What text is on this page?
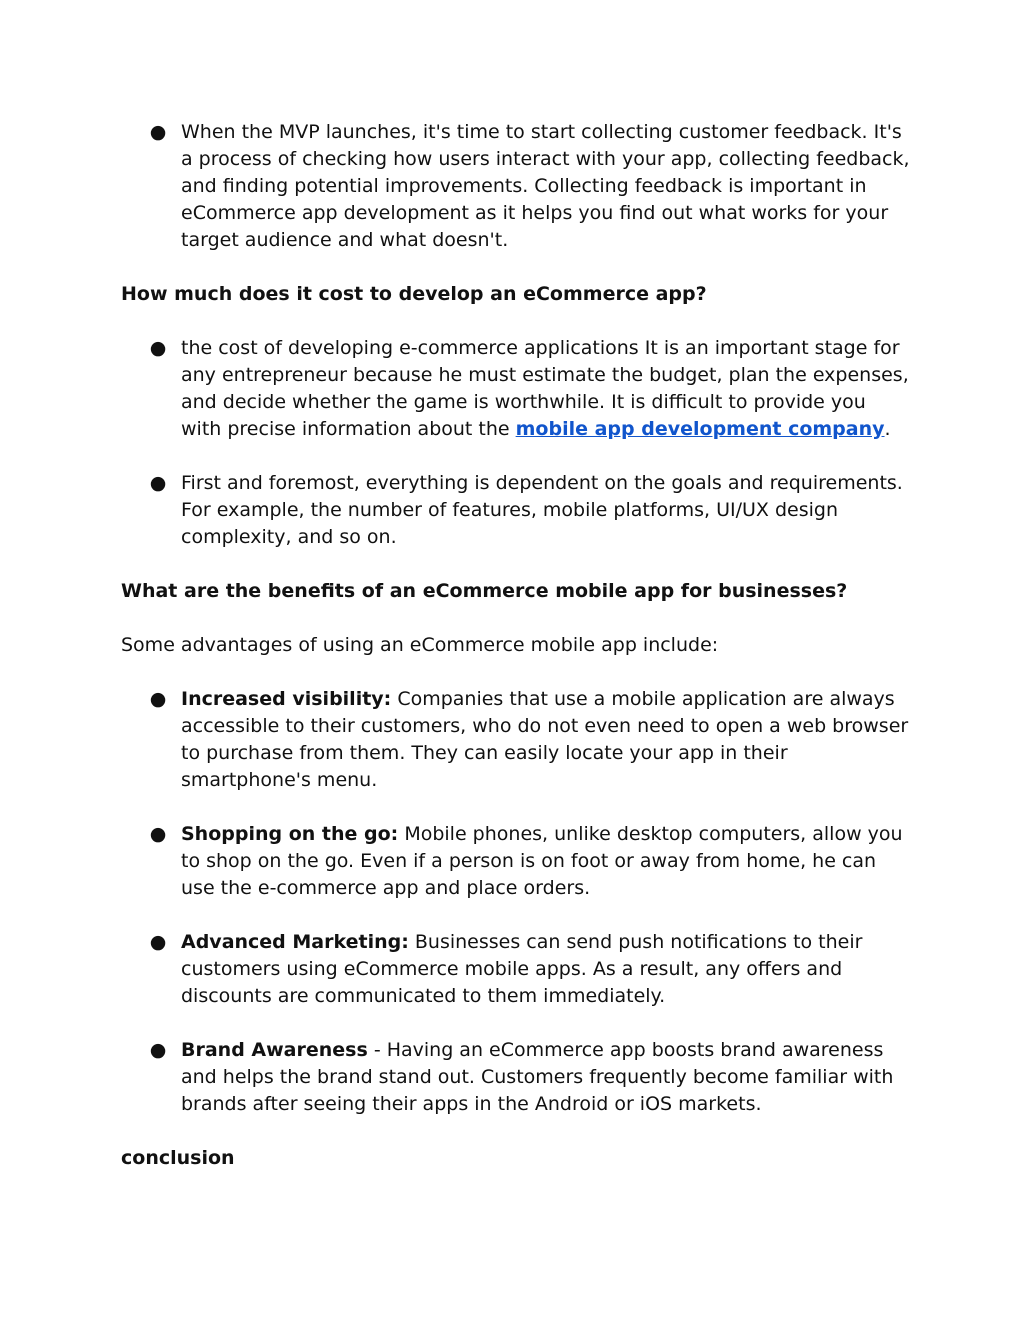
● When the MVP launches, it's time to start collecting customer feedback. It's a process of checking how users interact with your app, collecting feedback, and finding potential improvements. Collecting feedback is important in eCommerce app development as it helps you find out what works for your target audience and what doesn't.
How much does it cost to develop an eCommerce app?
● the cost of developing e-commerce applications It is an important stage for any entrepreneur because he must estimate the budget, plan the expenses, and decide whether the game is worthwhile. It is difficult to provide you with precise information about the mobile app development company.
● First and foremost, everything is dependent on the goals and requirements. For example, the number of features, mobile platforms, UI/UX design complexity, and so on.
What are the benefits of an eCommerce mobile app for businesses?
Some advantages of using an eCommerce mobile app include:
● Increased visibility: Companies that use a mobile application are always accessible to their customers, who do not even need to open a web browser to purchase from them. They can easily locate your app in their smartphone's menu.
● Shopping on the go: Mobile phones, unlike desktop computers, allow you to shop on the go. Even if a person is on foot or away from home, he can use the e-commerce app and place orders.
● Advanced Marketing: Businesses can send push notifications to their customers using eCommerce mobile apps. As a result, any offers and discounts are communicated to them immediately.
● Brand Awareness - Having an eCommerce app boosts brand awareness and helps the brand stand out. Customers frequently become familiar with brands after seeing their apps in the Android or iOS markets.
conclusion
